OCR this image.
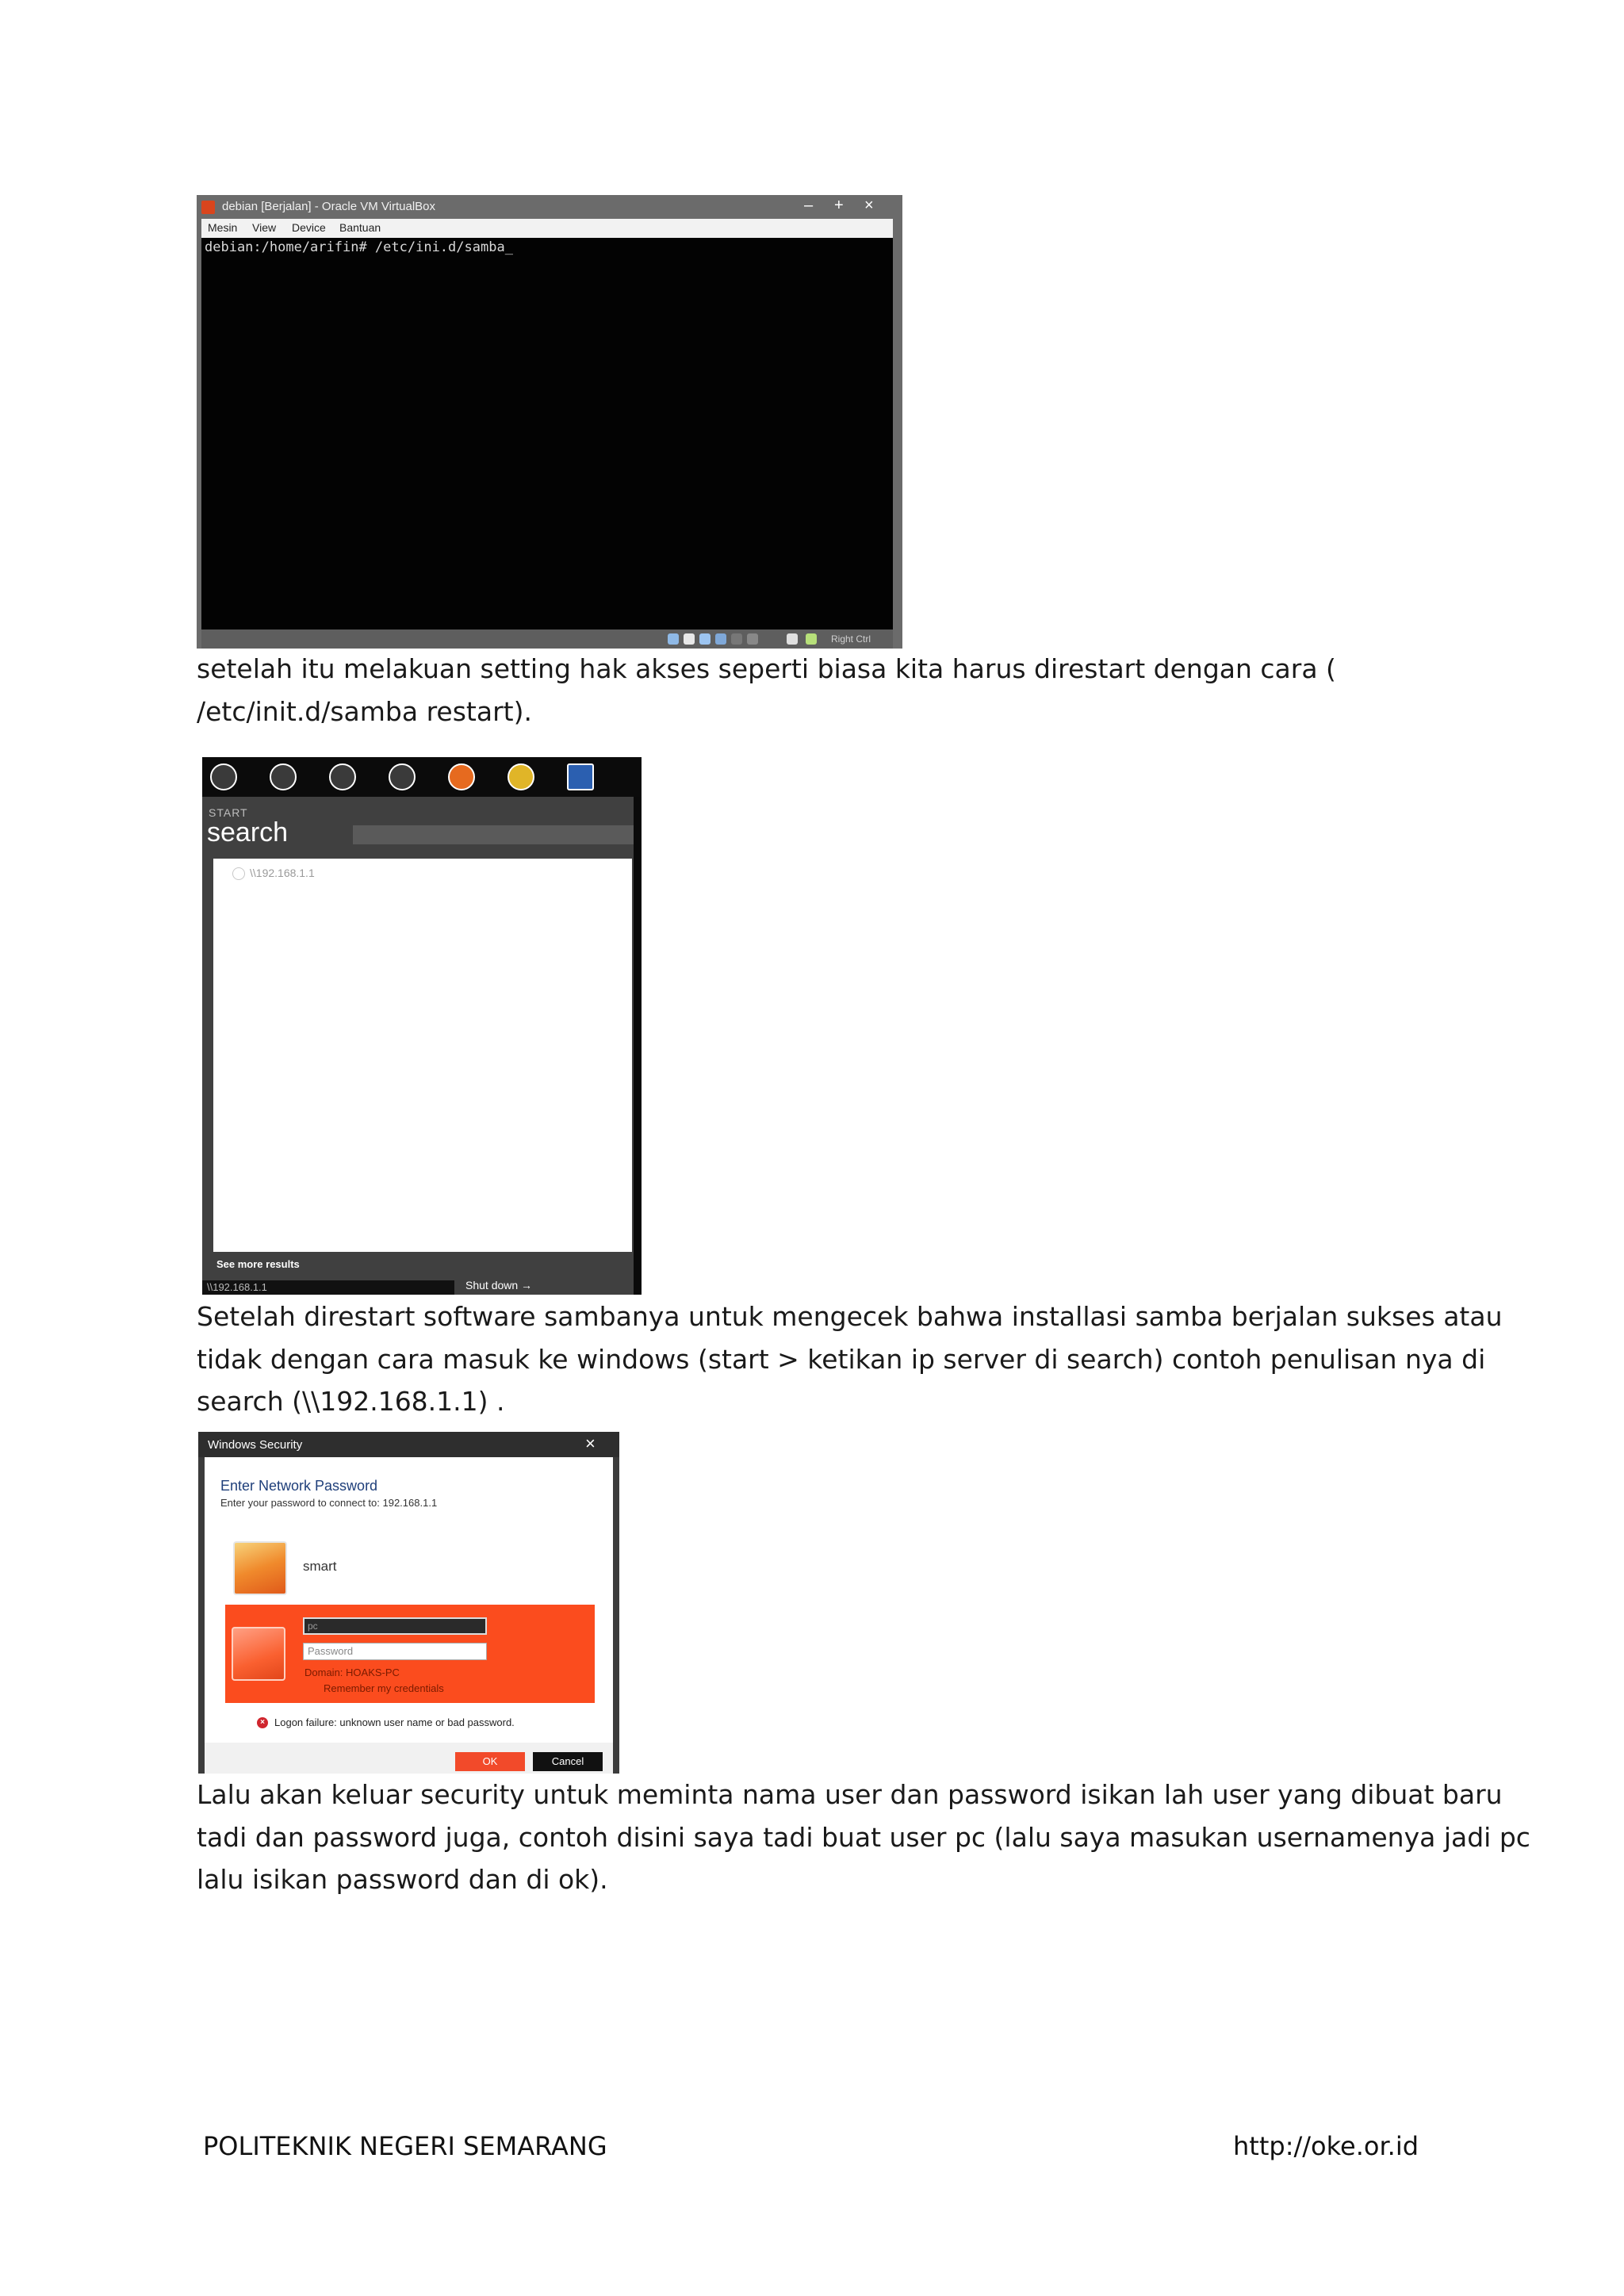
debian [Berjalan] - Oracle VM VirtualBox	– + ×
Mesin View Device Bantuan
debian:/home/arifin# /etc/ini.d/samba_
Right Ctrl
setelah itu melakuan setting hak akses seperti biasa kita harus direstart dengan cara (
/etc/init.d/samba restart).
START
search
\\192.168.1.1
See more results
\\192.168.1.1	Shut down →
Setelah direstart software sambanya untuk mengecek bahwa installasi samba berjalan sukses atau
tidak dengan cara masuk ke windows (start > ketikan ip server di search) contoh penulisan nya di
search (\\192.168.1.1) .
Windows Security	×
Enter Network Password
Enter your password to connect to: 192.168.1.1
smart
pc
Password
Domain: HOAKS-PC
Remember my credentials
× Logon failure: unknown user name or bad password.
OK	Cancel
Lalu akan keluar security untuk meminta nama user dan password isikan lah user yang dibuat baru
tadi dan password juga, contoh disini saya tadi buat user pc (lalu saya masukan usernamenya jadi pc
lalu isikan password dan di ok).
POLITEKNIK NEGERI SEMARANG	http://oke.or.id
